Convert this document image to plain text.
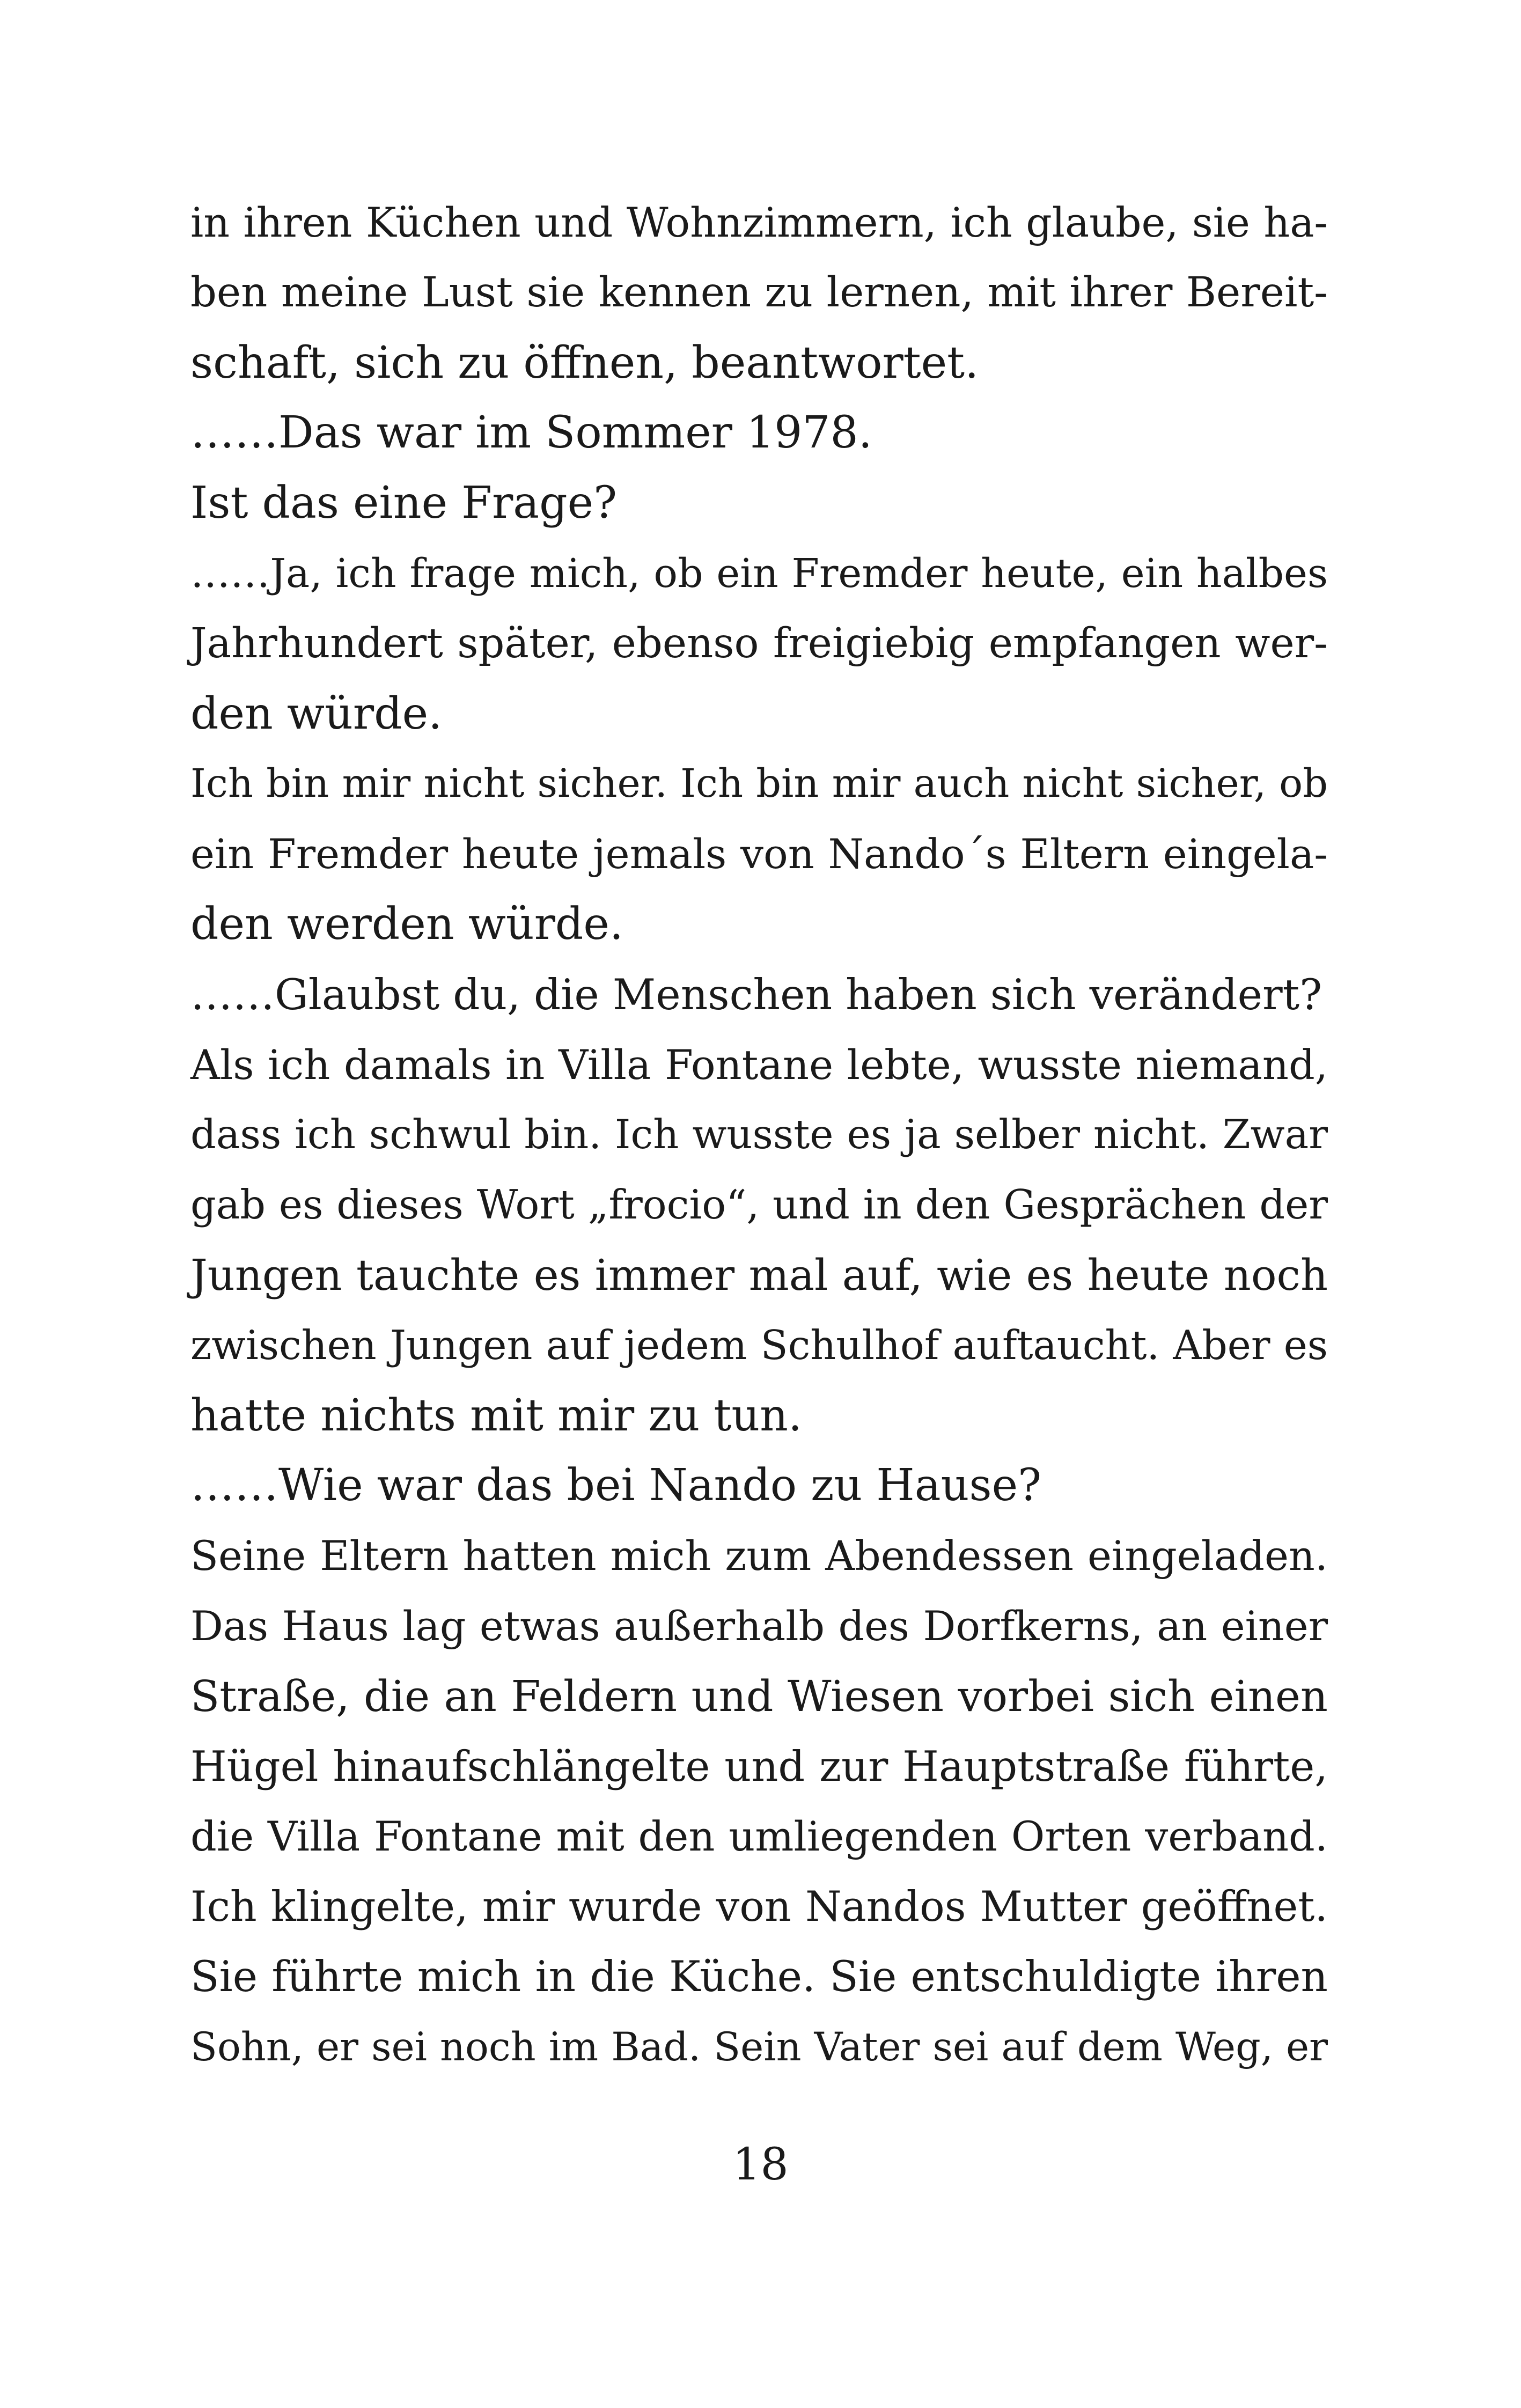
in ihren Küchen und Wohnzimmern, ich glaube, sie ha-
ben meine Lust sie kennen zu lernen, mit ihrer Bereit-
schaft, sich zu öffnen, beantwortet.
……Das war im Sommer 1978.
Ist das eine Frage?
……Ja, ich frage mich, ob ein Fremder heute, ein halbes
Jahrhundert später, ebenso freigiebig empfangen wer-
den würde.
Ich bin mir nicht sicher. Ich bin mir auch nicht sicher, ob
ein Fremder heute jemals von Nando´s Eltern eingela-
den werden würde.
……Glaubst du, die Menschen haben sich verändert?
Als ich damals in Villa Fontane lebte, wusste niemand,
dass ich schwul bin. Ich wusste es ja selber nicht. Zwar
gab es dieses Wort „frocio“, und in den Gesprächen der
Jungen tauchte es immer mal auf, wie es heute noch
zwischen Jungen auf jedem Schulhof auftaucht. Aber es
hatte nichts mit mir zu tun.
……Wie war das bei Nando zu Hause?
Seine Eltern hatten mich zum Abendessen eingeladen.
Das Haus lag etwas außerhalb des Dorfkerns, an einer
Straße, die an Feldern und Wiesen vorbei sich einen
Hügel hinaufschlängelte und zur Hauptstraße führte,
die Villa Fontane mit den umliegenden Orten verband.
Ich klingelte, mir wurde von Nandos Mutter geöffnet.
Sie führte mich in die Küche. Sie entschuldigte ihren
Sohn, er sei noch im Bad. Sein Vater sei auf dem Weg, er
18
